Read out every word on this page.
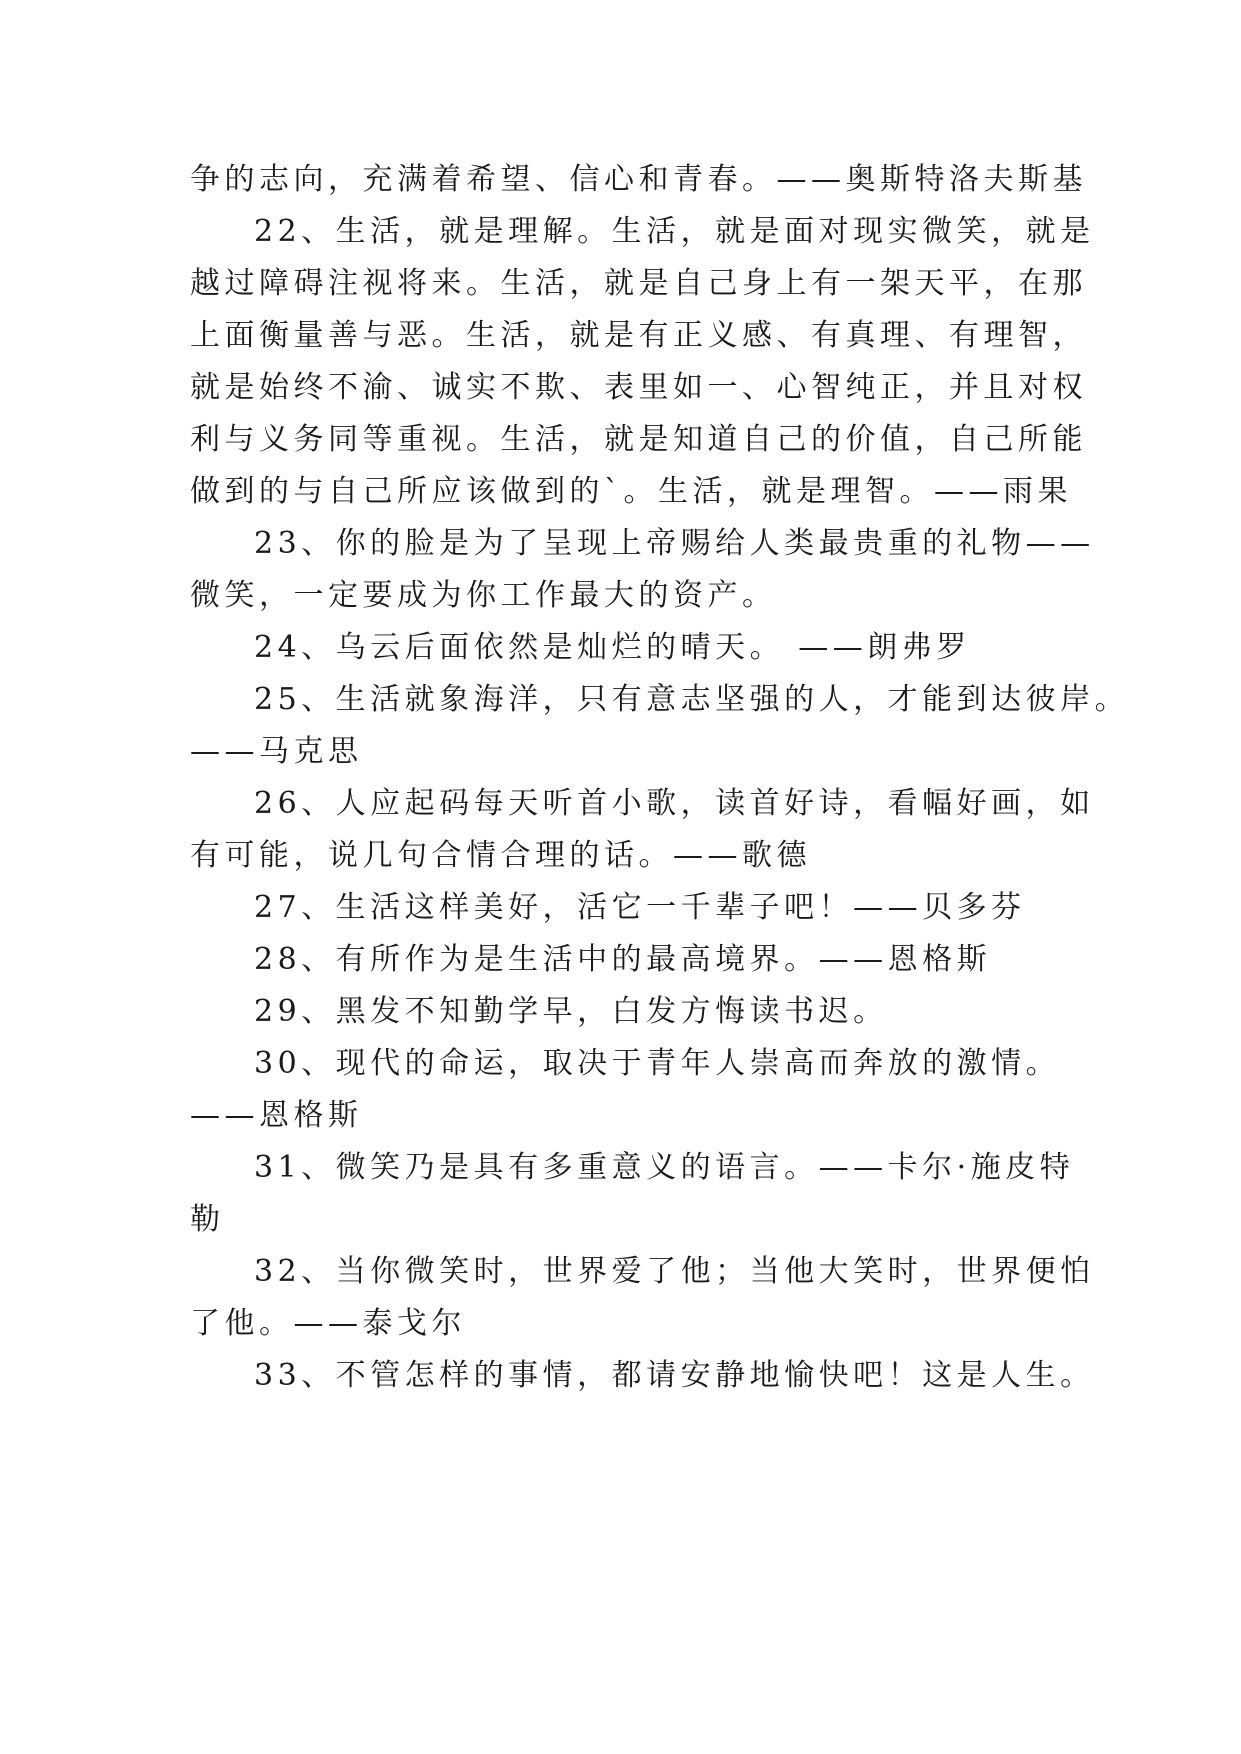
争的志向，充满着希望、信心和青春。——奥斯特洛夫斯基
22、生活，就是理解。生活，就是面对现实微笑，就是
越过障碍注视将来。生活，就是自己身上有一架天平，在那
上面衡量善与恶。生活，就是有正义感、有真理、有理智，
就是始终不渝、诚实不欺、表里如一、心智纯正，并且对权
利与义务同等重视。生活，就是知道自己的价值，自己所能
做到的与自己所应该做到的`。生活，就是理智。——雨果
23、你的脸是为了呈现上帝赐给人类最贵重的礼物——
微笑，一定要成为你工作最大的资产。
24、乌云后面依然是灿烂的晴天。 ——朗弗罗
25、生活就象海洋，只有意志坚强的人，才能到达彼岸。
——马克思
26、人应起码每天听首小歌，读首好诗，看幅好画，如
有可能，说几句合情合理的话。——歌德
27、生活这样美好，活它一千辈子吧！——贝多芬
28、有所作为是生活中的最高境界。——恩格斯
29、黑发不知勤学早，白发方悔读书迟。
30、现代的命运，取决于青年人崇高而奔放的激情。
——恩格斯
31、微笑乃是具有多重意义的语言。——卡尔·施皮特
勒
32、当你微笑时，世界爱了他；当他大笑时，世界便怕
了他。——泰戈尔
33、不管怎样的事情，都请安静地愉快吧！这是人生。
